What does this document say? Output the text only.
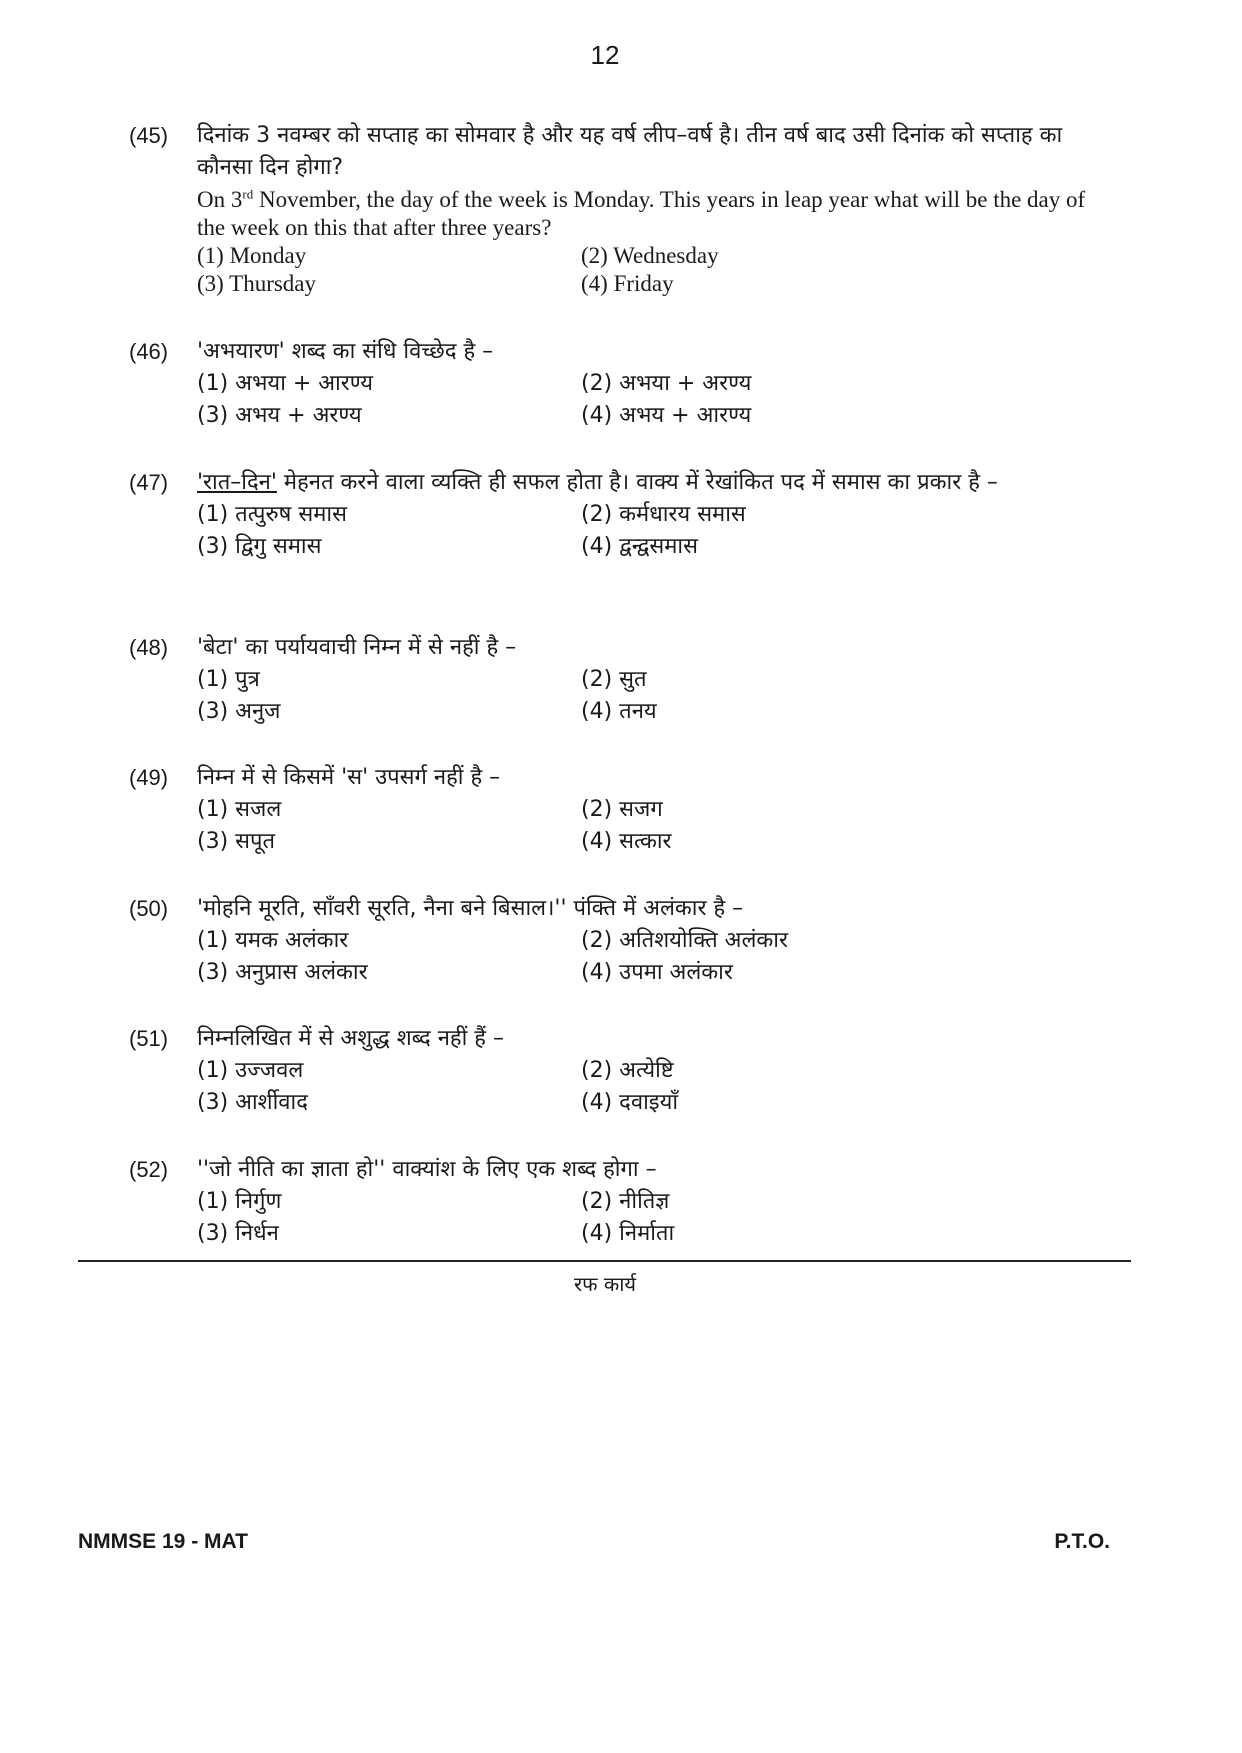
12
(45) दिनांक 3 नवम्बर को सप्ताह का सोमवार है और यह वर्ष लीप–वर्ष है। तीन वर्ष बाद उसी दिनांक को सप्ताह का कौनसा दिन होगा?
On 3rd November, the day of the week is Monday. This years in leap year what will be the day of the week on this that after three years?
(1) Monday	(2) Wednesday
(3) Thursday	(4) Friday
(46) 'अभयारण' शब्द का संधि विच्छेद है –
(1) अभया + आरण्य	(2) अभया + अरण्य
(3) अभय + अरण्य	(4) अभय + आरण्य
(47) 'रात–दिन' मेहनत करने वाला व्यक्ति ही सफल होता है। वाक्य में रेखांकित पद में समास का प्रकार है –
(1) तत्पुरुष समास	(2) कर्मधारय समास
(3) द्विगु समास	(4) द्वन्द्वसमास
(48) 'बेटा' का पर्यायवाची निम्न में से नहीं है –
(1) पुत्र	(2) सुत
(3) अनुज	(4) तनय
(49) निम्न में से किसमें 'स' उपसर्ग नहीं है –
(1) सजल	(2) सजग
(3) सपूत	(4) सत्कार
(50) 'मोहनि मूरति, साँवरी सूरति, नैना बने बिसाल।'' पंक्ति में अलंकार है –
(1) यमक अलंकार	(2) अतिशयोक्ति अलंकार
(3) अनुप्रास अलंकार	(4) उपमा अलंकार
(51) निम्नलिखित में से अशुद्ध शब्द नहीं हैं –
(1) उज्जवल	(2) अत्येष्टि
(3) आर्शीवाद	(4) दवाइयाँ
(52) ''जो नीति का ज्ञाता हो'' वाक्यांश के लिए एक शब्द होगा –
(1) निर्गुण	(2) नीतिज्ञ
(3) निर्धन	(4) निर्माता
रफ कार्य
NMMSE 19 - MAT	P.T.O.
